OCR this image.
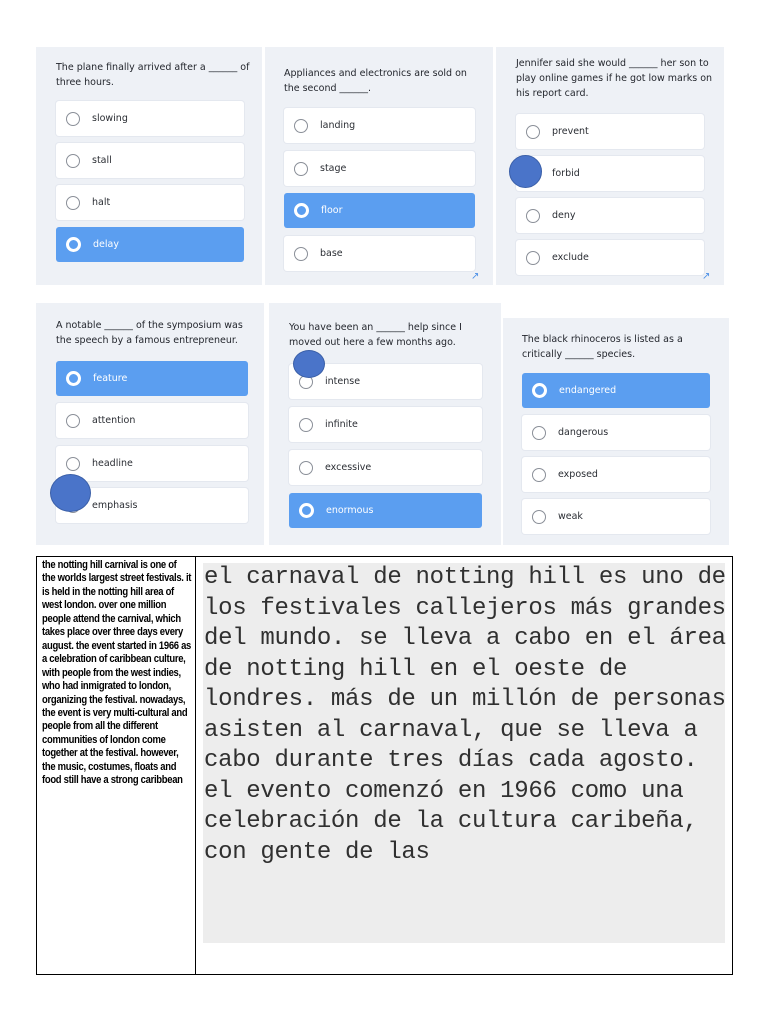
The plane finally arrived after a ______ of three hours.
slowing
stall
halt
delay
Appliances and electronics are sold on the second ______.
landing
stage
floor
base
↗
Jennifer said she would ______ her son to play online games if he got low marks on his report card.
prevent
forbid
deny
exclude
↗
A notable ______ of the symposium was the speech by a famous entrepreneur.
feature
attention
headline
emphasis
You have been an ______ help since I moved out here a few months ago.
intense
infinite
excessive
enormous
The black rhinoceros is listed as a critically ______ species.
endangered
dangerous
exposed
weak
the notting hill carnival is one of the worlds largest street festivals. it is held in the notting hill area of west london. over one million people attend the carnival, which takes place over three days every august. the event started in 1966 as a celebration of caribbean culture, with people from the west indies, who had inmigrated to london, organizing the festival. nowadays, the event is very multi-cultural and people from all the different communities of london come together at the festival. however, the music, costumes, floats and food still have a strong caribbean
el carnaval de notting hill es uno de los festivales callejeros más grandes del mundo. se lleva a cabo en el área de notting hill en el oeste de londres. más de un millón de personas asisten al carnaval, que se lleva a cabo durante tres días cada agosto. el evento comenzó en 1966 como una celebración de la cultura caribeña, con gente de las
